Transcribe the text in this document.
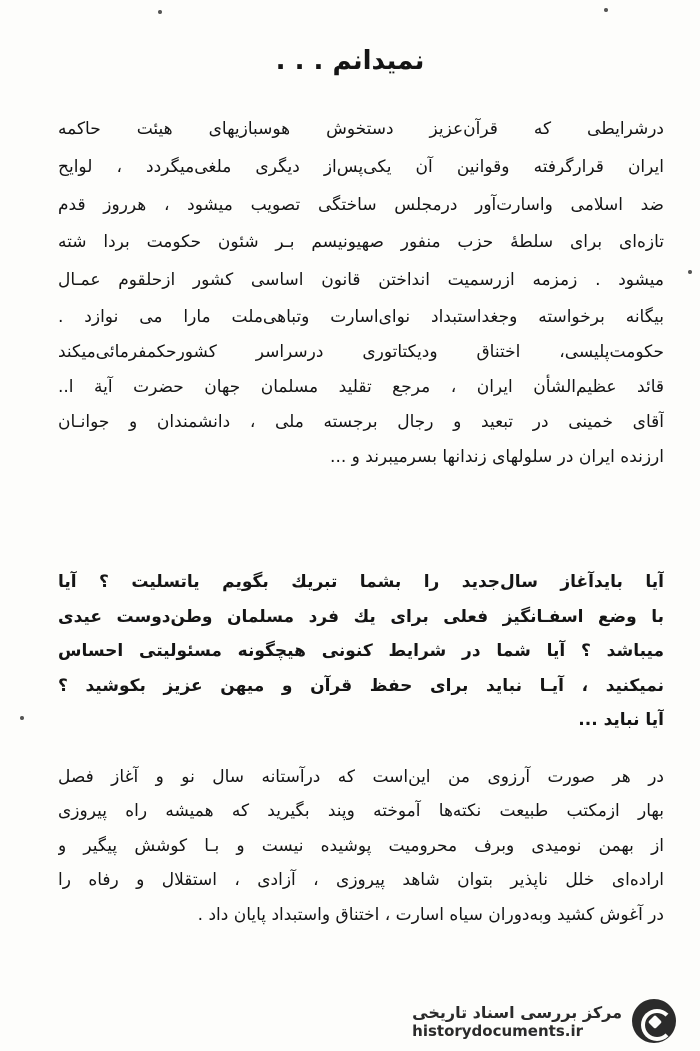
نمیدانم . . .
درشرایطی که قرآن‌عزیز دستخوش هوسبازیهای هیئت حاکمه
ایران قرارگرفته وقوانین آن یکی‌پس‌از دیگری ملغی‌میگردد ، لوایح
ضد اسلامی واسارت‌آور درمجلس ساختگی تصویب میشود ، هرروز قدم
تازه‌ای برای سلطهٔ حزب منفور صهیونیسم بـر شئون حکومت بردا شته
میشود . زمزمه ازرسمیت انداختن قانون اساسی کشور ازحلقوم عمـال
بیگانه برخواسته وجغداستبداد نوای‌اسارت وتباهی‌ملت مارا می نوازد .
حکومت‌پلیسی، اختناق ودیکتاتوری درسراسر کشورحکمفرمائی‌میکند
قائد عظیم‌الشأن ایران ، مرجع تقلید مسلمان جهان حضرت آیة ا..
آقای خمینی در تبعید و رجال برجسته ملی ، دانشمندان و جوانـان
ارزنده ایران در سلولهای زندانها بسرمیبرند و ...
آیا بایدآغاز سال‌جدید را بشما تبریك بگویم یاتسلیت ؟ آیا
با وضع اسفـانگیز فعلی برای یك فرد مسلمان وطن‌دوست عیدی
میباشد ؟ آیا شما در شرایط کنونی هیچگونه مسئولیتی احساس
نمیکنید ، آیـا نباید برای حفظ قرآن و میهن عزیز بکوشید ؟
آیا نباید ...
در هر صورت آرزوی من این‌است که درآستانه سال نو و آغاز فصل
بهار ازمکتب طبیعت نکته‌ها آموخته وپند بگیرید که همیشه راه پیروزی
از بهمن نومیدی وبرف محرومیت پوشیده نیست و بـا کوشش پیگیر و
اراده‌ای خلل ناپذیر بتوان شاهد پیروزی ، آزادی ، استقلال و رفاه را
در آغوش کشید وبه‌دوران سیاه اسارت ، اختناق واستبداد پایان داد .
مرکز بررسی اسناد تاریخی
historydocuments.ir
